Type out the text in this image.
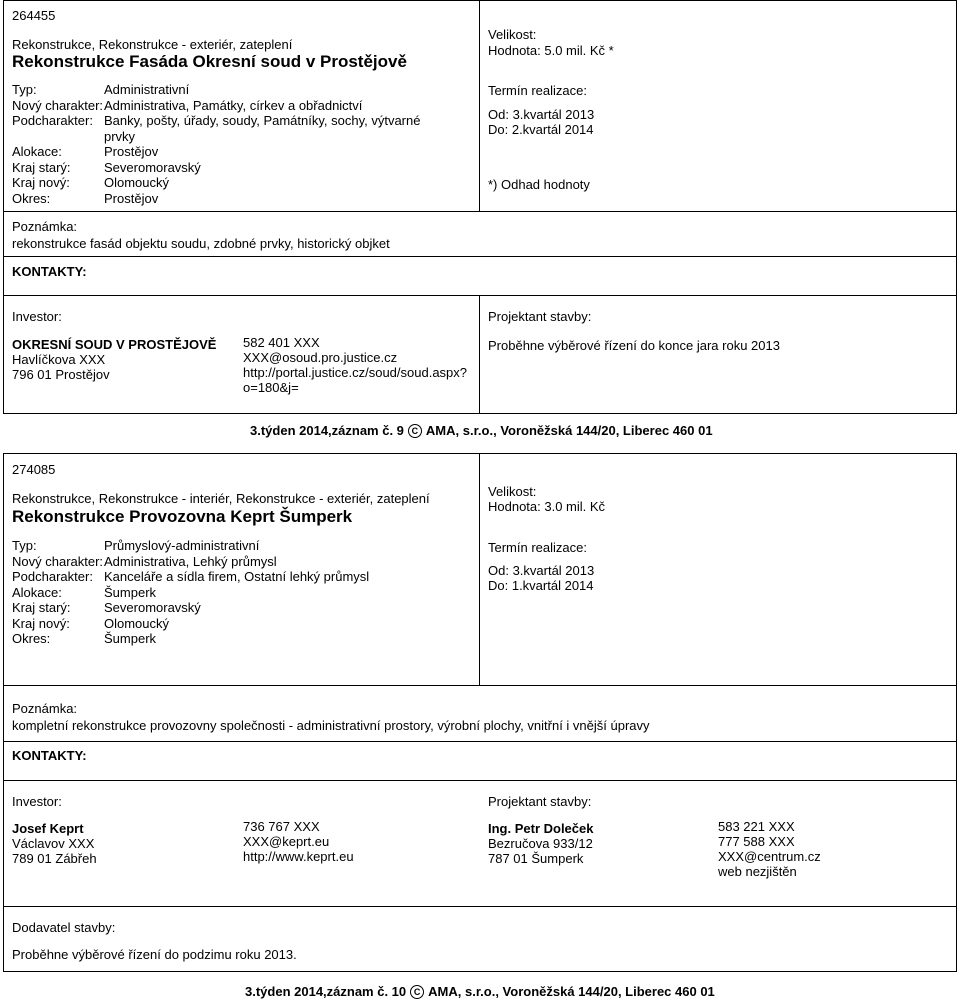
264455
Rekonstrukce, Rekonstrukce - exteriér, zateplení
Rekonstrukce Fasáda Okresní soud v Prostějově
Typ:	Administrativní
Nový charakter: Administrativa, Památky, církev a obřadnictví
Podcharakter: Banky, pošty, úřady, soudy, Památníky, sochy, výtvarné
prvky
Alokace:	Prostějov
Kraj starý:	Severomoravský
Kraj nový:	Olomoucký
Okres:	Prostějov
Velikost:
Hodnota: 5.0 mil. Kč *
Termín realizace:
Od: 3.kvartál 2013
Do: 2.kvartál 2014
*) Odhad hodnoty
Poznámka:
rekonstrukce fasád objektu soudu, zdobné prvky, historický objket
KONTAKTY:
Investor:
OKRESNÍ SOUD V PROSTĚJOVĚ
Havlíčkova XXX
796 01 Prostějov
582 401 XXX
XXX@osoud.pro.justice.cz
http://portal.justice.cz/soud/soud.aspx?
o=180&j=
Projektant stavby:
Proběhne výběrové řízení do konce jara roku 2013
3.týden 2014,záznam č. 9 C AMA, s.r.o., Voroněžská 144/20, Liberec 460 01
274085
Rekonstrukce, Rekonstrukce - interiér, Rekonstrukce - exteriér, zateplení
Rekonstrukce Provozovna Keprt Šumperk
Typ:	Průmyslový-administrativní
Nový charakter: Administrativa, Lehký průmysl
Podcharakter: Kanceláře a sídla firem, Ostatní lehký průmysl
Alokace:	Šumperk
Kraj starý:	Severomoravský
Kraj nový:	Olomoucký
Okres:	Šumperk
Velikost:
Hodnota: 3.0 mil. Kč
Termín realizace:
Od: 3.kvartál 2013
Do: 1.kvartál 2014
Poznámka:
kompletní rekonstrukce provozovny společnosti - administrativní prostory, výrobní plochy, vnitřní i vnější úpravy
KONTAKTY:
Investor:
Josef Keprt
Václavov XXX
789 01 Zábřeh
736 767 XXX
XXX@keprt.eu
http://www.keprt.eu
Projektant stavby:
Ing. Petr Doleček
Bezručova 933/12
787 01 Šumperk
583 221 XXX
777 588 XXX
XXX@centrum.cz
web nezjištěn
Dodavatel stavby:
Proběhne výběrové řízení do podzimu roku 2013.
3.týden 2014,záznam č. 10 C AMA, s.r.o., Voroněžská 144/20, Liberec 460 01
